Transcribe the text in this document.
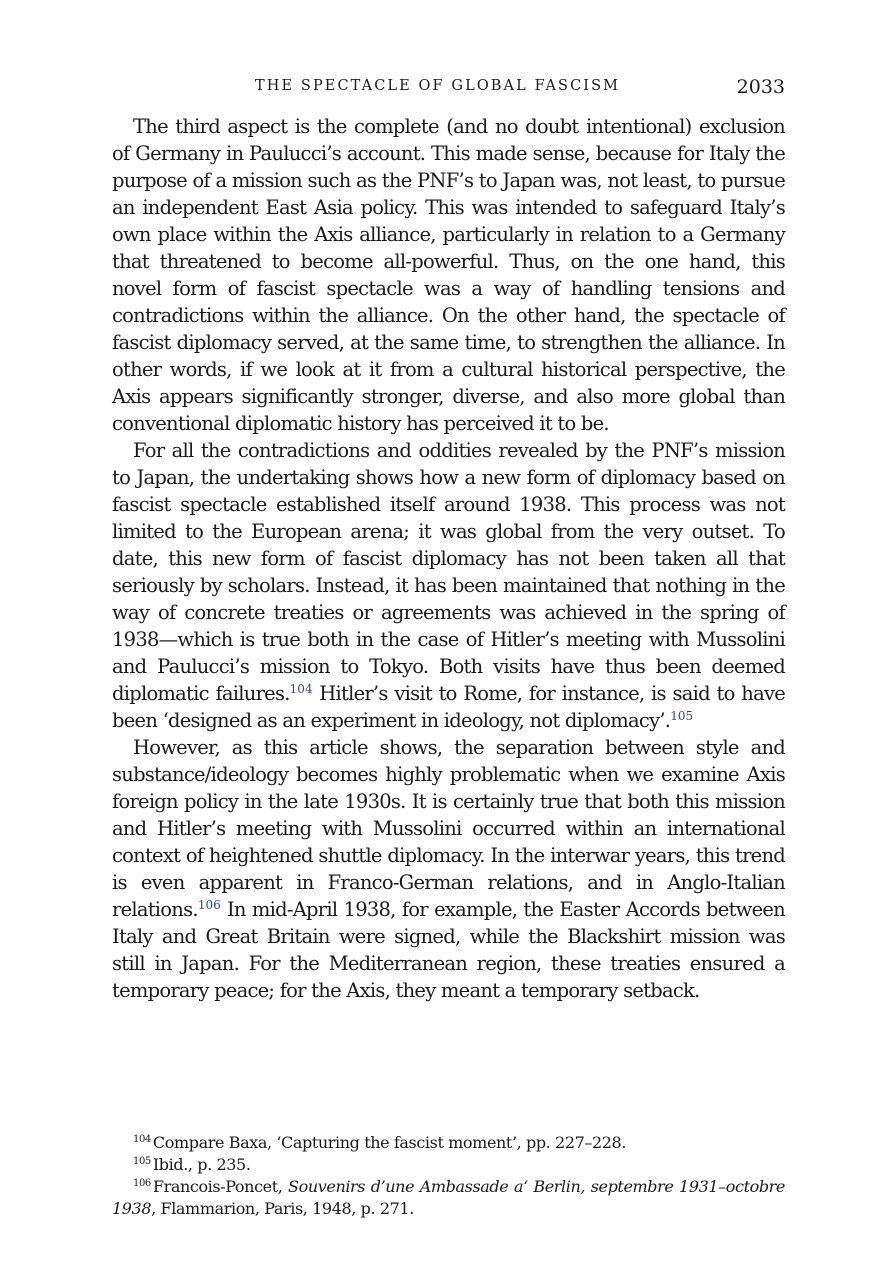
THE SPECTACLE OF GLOBAL FASCISM	2033

The third aspect is the complete (and no doubt intentional) exclusion of Germany in Paulucci’s account. This made sense, because for Italy the purpose of a mission such as the PNF’s to Japan was, not least, to pursue an independent East Asia policy. This was intended to safeguard Italy’s own place within the Axis alliance, particularly in relation to a Germany that threatened to become all-powerful. Thus, on the one hand, this novel form of fascist spectacle was a way of handling tensions and contradictions within the alliance. On the other hand, the spectacle of fascist diplomacy served, at the same time, to strengthen the alliance. In other words, if we look at it from a cultural historical perspective, the Axis appears significantly stronger, diverse, and also more global than conventional diplomatic history has perceived it to be.

For all the contradictions and oddities revealed by the PNF’s mission to Japan, the undertaking shows how a new form of diplomacy based on fascist spectacle established itself around 1938. This process was not limited to the European arena; it was global from the very outset. To date, this new form of fascist diplomacy has not been taken all that seriously by scholars. Instead, it has been maintained that nothing in the way of concrete treaties or agreements was achieved in the spring of 1938—which is true both in the case of Hitler’s meeting with Mussolini and Paulucci’s mission to Tokyo. Both visits have thus been deemed diplomatic failures.$^{104}$ Hitler’s visit to Rome, for instance, is said to have been ‘designed as an experiment in ideology, not diplomacy’.$^{105}$

However, as this article shows, the separation between style and substance/ideology becomes highly problematic when we examine Axis foreign policy in the late 1930s. It is certainly true that both this mission and Hitler’s meeting with Mussolini occurred within an international context of heightened shuttle diplomacy. In the interwar years, this trend is even apparent in Franco-German relations, and in Anglo-Italian relations.$^{106}$ In mid-April 1938, for example, the Easter Accords between Italy and Great Britain were signed, while the Blackshirt mission was still in Japan. For the Mediterranean region, these treaties ensured a temporary peace; for the Axis, they meant a temporary setback.

$^{104}$ Compare Baxa, ‘Capturing the fascist moment’, pp. 227–228.

$^{105}$ Ibid., p. 235.

$^{106}$ Francois-Poncet, Souvenirs d’une Ambassade a‘ Berlin, septembre 1931–octobre 1938, Flammarion, Paris, 1948, p. 271.
